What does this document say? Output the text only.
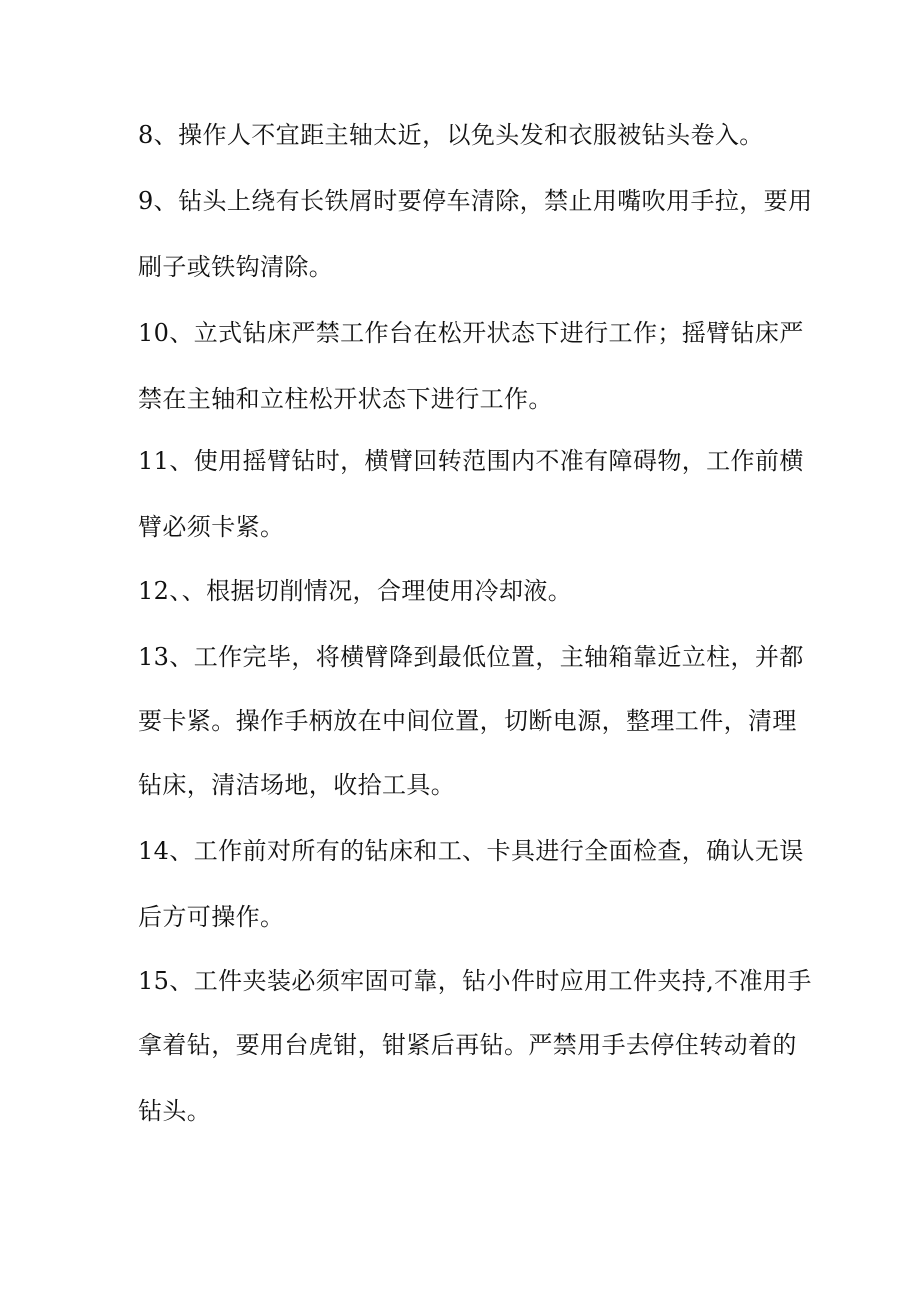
8、操作人不宜距主轴太近，以免头发和衣服被钻头卷入。
9、钻头上绕有长铁屑时要停车清除，禁止用嘴吹用手拉，要用
刷子或铁钩清除。
10、立式钻床严禁工作台在松开状态下进行工作；摇臂钻床严
禁在主轴和立柱松开状态下进行工作。
11、使用摇臂钻时，横臂回转范围内不准有障碍物，工作前横
臂必须卡紧。
12、、根据切削情况，合理使用冷却液。
13、工作完毕，将横臂降到最低位置，主轴箱靠近立柱，并都
要卡紧。操作手柄放在中间位置，切断电源，整理工件，清理
钻床，清洁场地，收拾工具。
14、工作前对所有的钻床和工、卡具进行全面检查，确认无误
后方可操作。
15、工件夹装必须牢固可靠，钻小件时应用工件夹持,不准用手
拿着钻，要用台虎钳，钳紧后再钻。严禁用手去停住转动着的
钻头。
